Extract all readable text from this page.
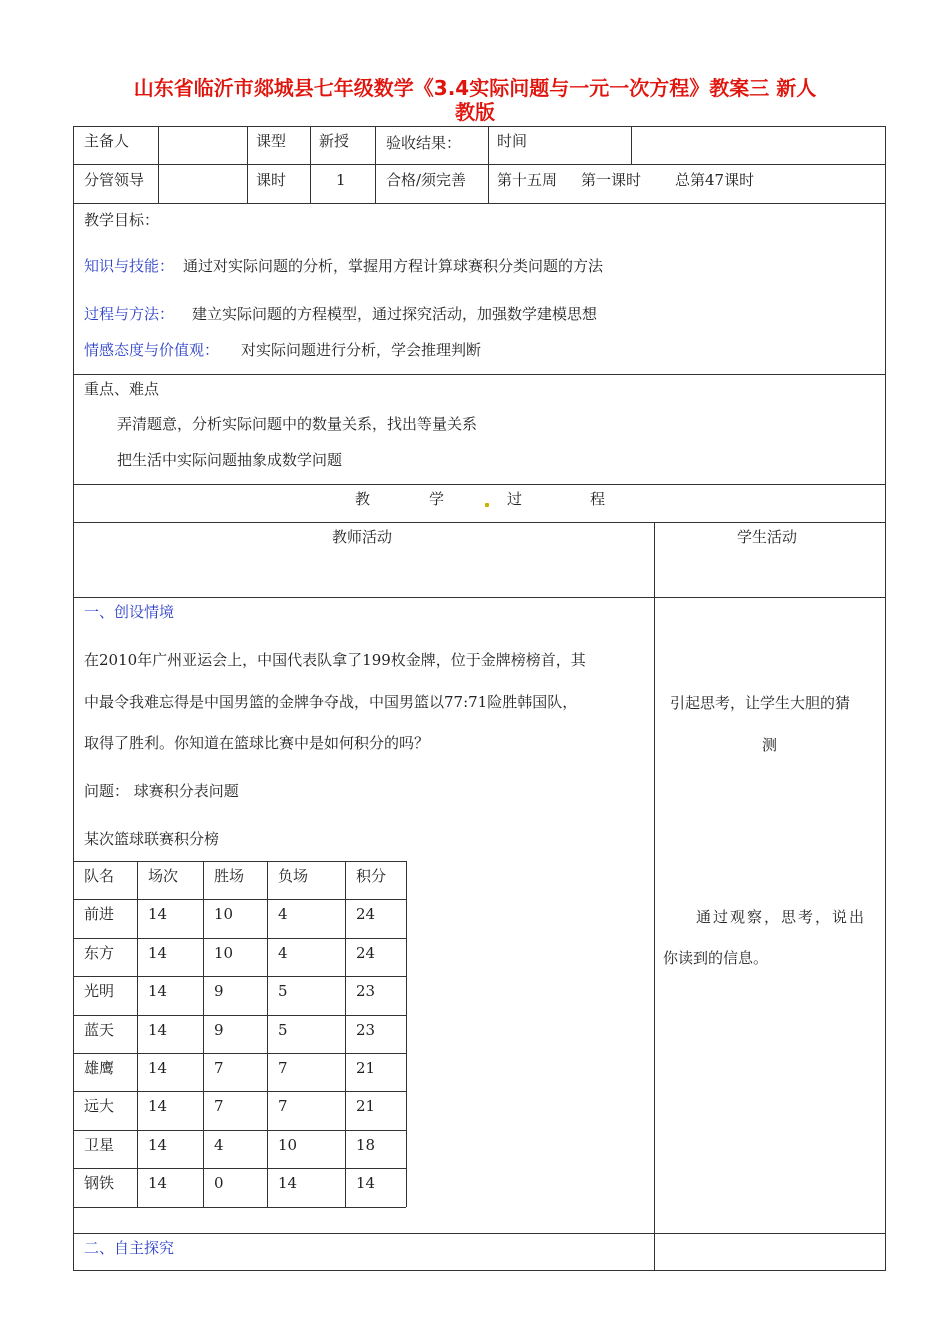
山东省临沂市郯城县七年级数学《3.4实际问题与一元一次方程》教案三 新人
教版
主备人	课型 新授 验收结果： 时间
分管领导	课时	1	合格/须完善 第十五周 第一课时 总第47课时
教学目标：
知识与技能： 通过对实际问题的分析，掌握用方程计算球赛积分类问题的方法
过程与方法： 建立实际问题的方程模型，通过探究活动，加强数学建模思想
情感态度与价值观： 对实际问题进行分析，学会推理判断
重点、难点
弄清题意，分析实际问题中的数量关系，找出等量关系
把生活中实际问题抽象成数学问题
教	学	过	程
教师活动	学生活动
一、创设情境
在2010年广州亚运会上，中国代表队拿了199枚金牌，位于金牌榜榜首，其
中最令我难忘得是中国男篮的金牌争夺战，中国男篮以77:71险胜韩国队，
取得了胜利。你知道在篮球比赛中是如何积分的吗？
问题： 球赛积分表问题
某次篮球联赛积分榜
队名 场次 胜场 负场	积分
前进 14	10	4	24
东方 14	10	4	24
光明 14	9	5	23
蓝天 14	9	5	23
雄鹰 14	7	7	21
远大 14	7	7	21
卫星 14	4	10	18
钢铁 14	0	14	14
引起思考，让学生大胆的猜
测
通过观察，思考，说出
你读到的信息。
二、自主探究
